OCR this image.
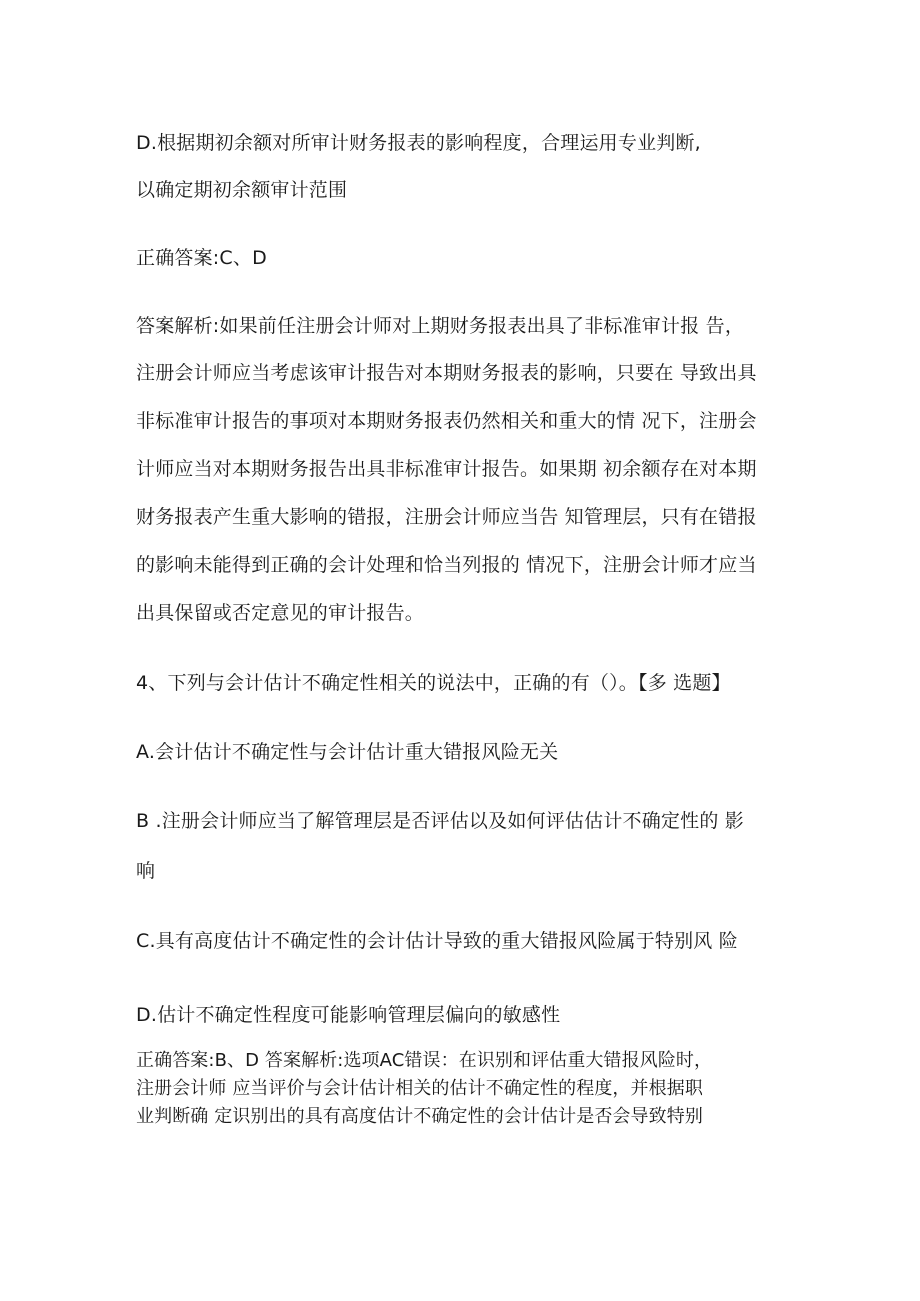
D.根据期初余额对所审计财务报表的影响程度，合理运用专业判断,
以确定期初余额审计范围
正确答案:C、D
答案解析:如果前任注册会计师对上期财务报表出具了非标准审计报 告，
注册会计师应当考虑该审计报告对本期财务报表的影响，只要在 导致出具
非标准审计报告的事项对本期财务报表仍然相关和重大的情 况下，注册会
计师应当对本期财务报告出具非标准审计报告。如果期 初余额存在对本期
财务报表产生重大影响的错报，注册会计师应当告 知管理层，只有在错报
的影响未能得到正确的会计处理和恰当列报的 情况下，注册会计师才应当
出具保留或否定意见的审计报告。
4、下列与会计估计不确定性相关的说法中，正确的有（）。【多 选题】
A.会计估计不确定性与会计估计重大错报风险无关
B .注册会计师应当了解管理层是否评估以及如何评估估计不确定性的 影
响
C.具有高度估计不确定性的会计估计导致的重大错报风险属于特别风 险
D.估计不确定性程度可能影响管理层偏向的敏感性
正确答案:B、D 答案解析:选项AC错误：在识别和评估重大错报风险时，
注册会计师 应当评价与会计估计相关的估计不确定性的程度，并根据职
业判断确 定识别出的具有高度估计不确定性的会计估计是否会导致特别
